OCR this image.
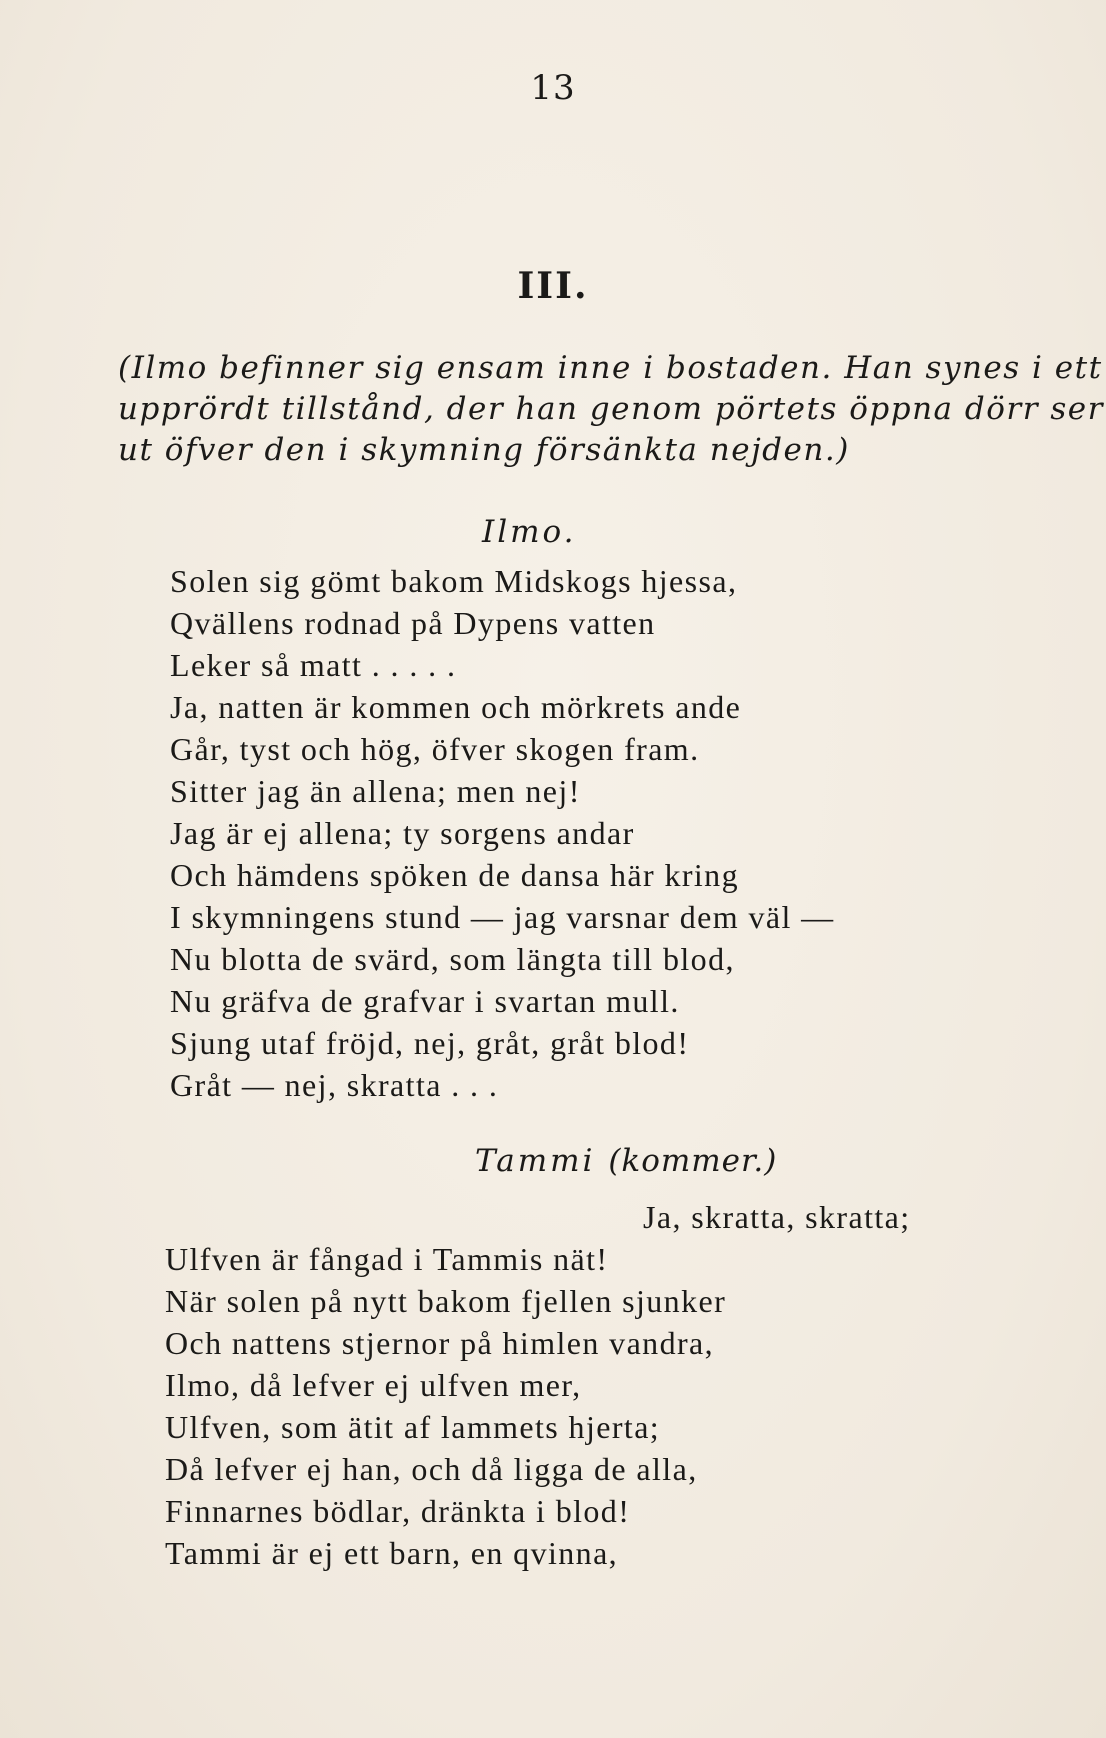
13
III.
(Ilmo befinner sig ensam inne i bostaden. Han synes i ett
upprördt tillstånd, der han genom pörtets öppna dörr ser
ut öfver den i skymning försänkta nejden.)
Ilmo.
Solen sig gömt bakom Midskogs hjessa,
Qvällens rodnad på Dypens vatten
Leker så matt . . . . .
Ja, natten är kommen och mörkrets ande
Går, tyst och hög, öfver skogen fram.
Sitter jag än allena; men nej!
Jag är ej allena; ty sorgens andar
Och hämdens spöken de dansa här kring
I skymningens stund — jag varsnar dem väl —
Nu blotta de svärd, som längta till blod,
Nu gräfva de grafvar i svartan mull.
Sjung utaf fröjd, nej, gråt, gråt blod!
Gråt — nej, skratta . . .
Tammi (kommer.)
Ja, skratta, skratta;
Ulfven är fångad i Tammis nät!
När solen på nytt bakom fjellen sjunker
Och nattens stjernor på himlen vandra,
Ilmo, då lefver ej ulfven mer,
Ulfven, som ätit af lammets hjerta;
Då lefver ej han, och då ligga de alla,
Finnarnes bödlar, dränkta i blod!
Tammi är ej ett barn, en qvinna,
